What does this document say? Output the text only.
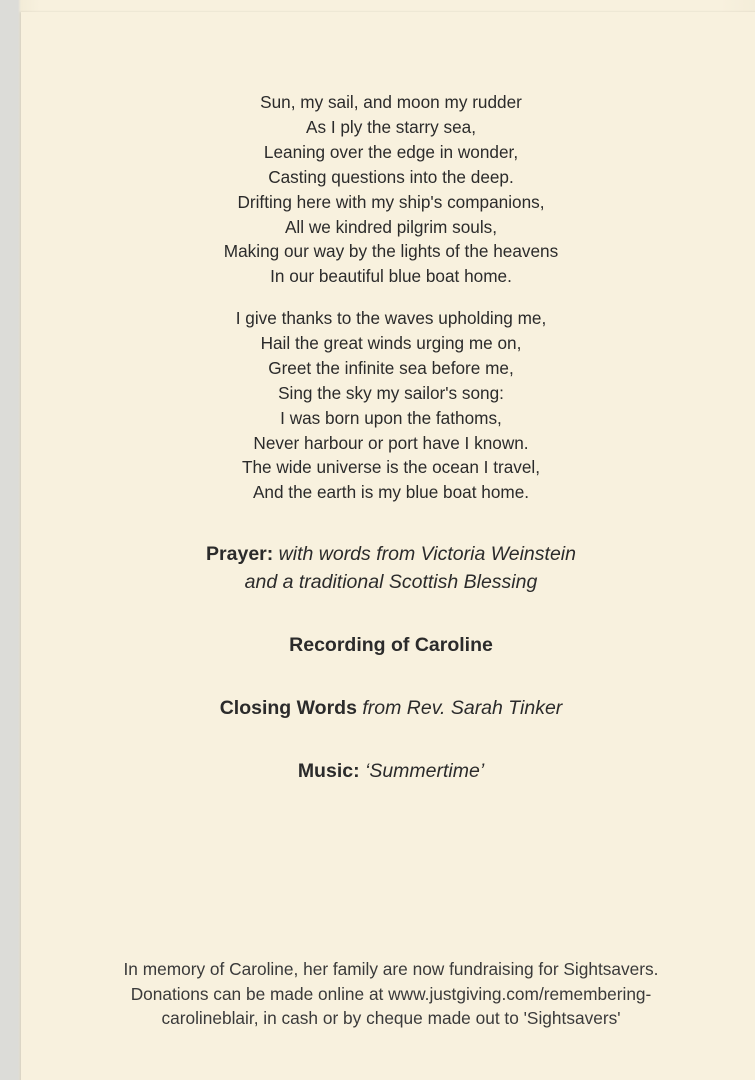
Sun, my sail, and moon my rudder

As I ply the starry sea,

Leaning over the edge in wonder,

Casting questions into the deep.

Drifting here with my ship's companions,

All we kindred pilgrim souls,

Making our way by the lights of the heavens

In our beautiful blue boat home.

I give thanks to the waves upholding me,

Hail the great winds urging me on,

Greet the infinite sea before me,

Sing the sky my sailor's song:

I was born upon the fathoms,

Never harbour or port have I known.

The wide universe is the ocean I travel,

And the earth is my blue boat home.

Prayer: with words from Victoria Weinstein

and a traditional Scottish Blessing

Recording of Caroline

Closing Words from Rev. Sarah Tinker

Music: ‘Summertime’

In memory of Caroline, her family are now fundraising for Sightsavers.

Donations can be made online at www.justgiving.com/remembering-

carolineblair, in cash or by cheque made out to 'Sightsavers'
